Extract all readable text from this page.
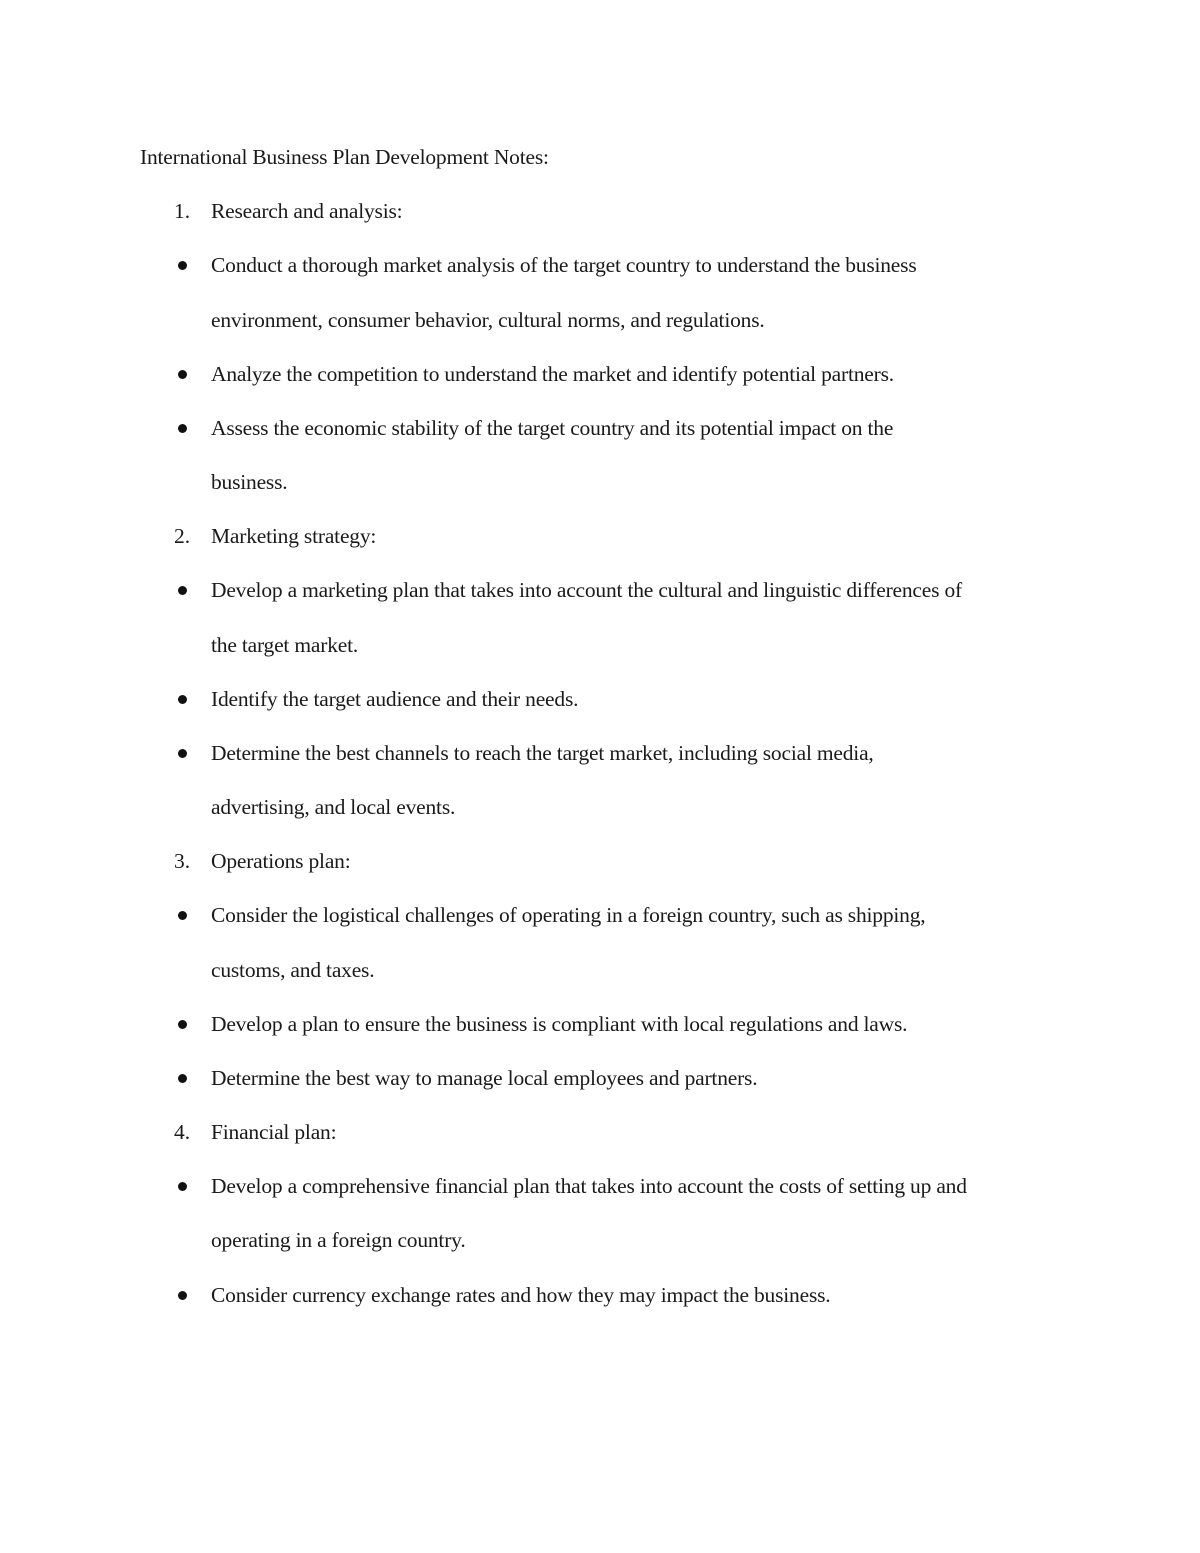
International Business Plan Development Notes:
1. Research and analysis:
Conduct a thorough market analysis of the target country to understand the business
environment, consumer behavior, cultural norms, and regulations.
Analyze the competition to understand the market and identify potential partners.
Assess the economic stability of the target country and its potential impact on the
business.
2. Marketing strategy:
Develop a marketing plan that takes into account the cultural and linguistic differences of
the target market.
Identify the target audience and their needs.
Determine the best channels to reach the target market, including social media,
advertising, and local events.
3. Operations plan:
Consider the logistical challenges of operating in a foreign country, such as shipping,
customs, and taxes.
Develop a plan to ensure the business is compliant with local regulations and laws.
Determine the best way to manage local employees and partners.
4. Financial plan:
Develop a comprehensive financial plan that takes into account the costs of setting up and
operating in a foreign country.
Consider currency exchange rates and how they may impact the business.
